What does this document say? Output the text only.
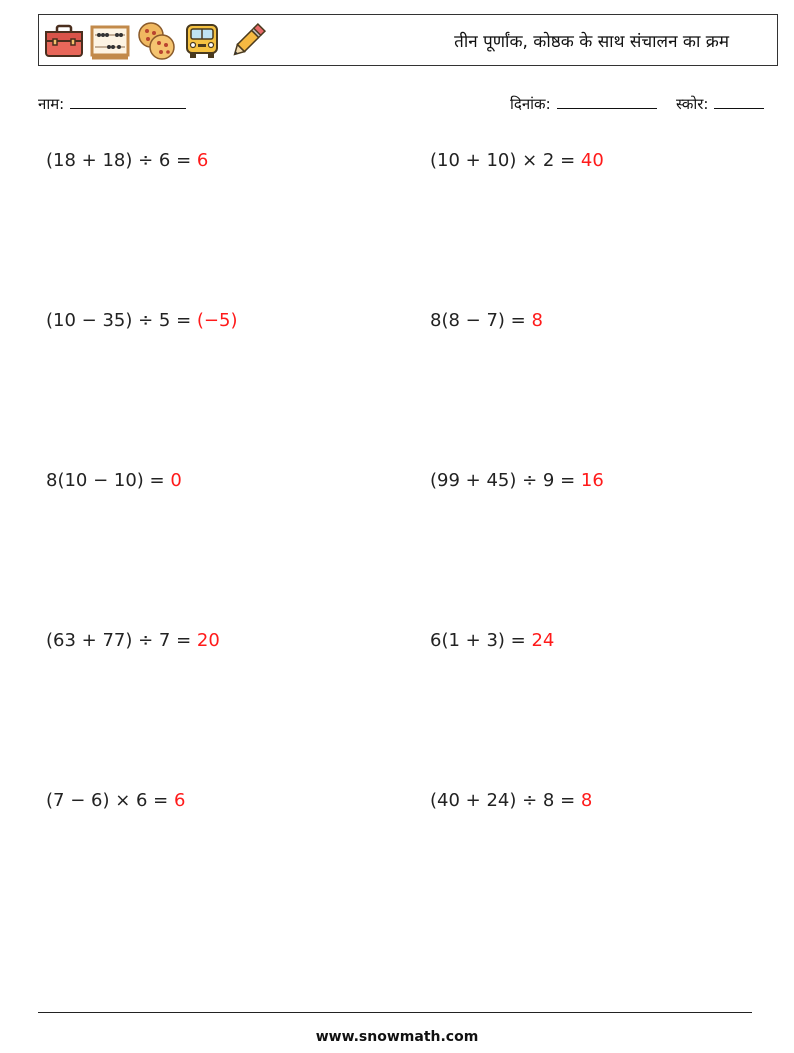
तीन पूर्णांक, कोष्ठक के साथ संचालन का क्रम
नाम:	दिनांक:	स्कोर:
(18 + 18) ÷ 6 = 6	(10 + 10) × 2 = 40
(10 − 35) ÷ 5 = (−5)	8(8 − 7) = 8
8(10 − 10) = 0	(99 + 45) ÷ 9 = 16
(63 + 77) ÷ 7 = 20	6(1 + 3) = 24
(7 − 6) × 6 = 6	(40 + 24) ÷ 8 = 8
www.snowmath.com
